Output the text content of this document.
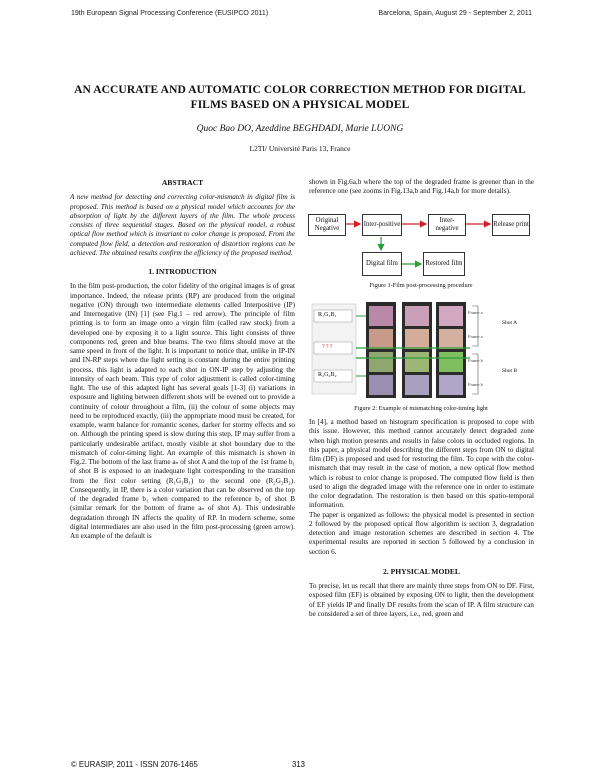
19th European Signal Processing Conference (EUSIPCO 2011)	Barcelona, Spain, August 29 - September 2, 2011
AN ACCURATE AND AUTOMATIC COLOR CORRECTION METHOD FOR DIGITAL FILMS BASED ON A PHYSICAL MODEL
Quoc Bao DO, Azeddine BEGHDADI, Marie LUONG
L2TI/ Université Paris 13, France
ABSTRACT

A new method for detecting and correcting color-mismatch in digital film is proposed. This method is based on a physical model which accounts for the absorption of light by the different layers of the film. The whole process consists of three sequential stages. Based on the physical model, a robust optical flow method which is invariant to color change is proposed. From the computed flow field, a detection and restoration of distortion regions can be achieved. The obtained results confirm the efficiency of the proposed method.

1. INTRODUCTION

In the film post-production, the color fidelity of the original images is of great importance. Indeed, the release prints (RP) are produced from the original negative (ON) through two intermediate elements called Interpositive (IP) and Internegative (IN) [1] (see Fig.1 – red arrow). The principle of film printing is to form an image onto a virgin film (called raw stock) from a developed one by exposing it to a light source. This light consists of three components red, green and blue beams. The two films should move at the same speed in front of the light. It is important to notice that, unlike in IP-IN and IN-RP steps where the light setting is constant during the entire printing process, this light is adapted to each shot in ON-IP step by adjusting the intensity of each beam. This type of color adjustment is called color-timing light. The use of this adapted light has several goals [1-3] (i) variations in exposure and lighting between different shots will be evened out to provide a continuity of colour throughout a film, (ii) the colour of some objects may need to be reproduced exactly, (iii) the appropriate mood must be created, for example, warm balance for romantic scenes, darker for stormy effects and so on. Although the printing speed is slow during this step, IP may suffer from a particularly undesirable artifact, mostly visible at shot boundary due to the mismatch of color-timing light. An example of this mismatch is shown in Fig.2. The bottom of the last frame aₙ of shot A and the top of the 1st frame b₁ of shot B is exposed to an inadequate light corresponding to the transition from the first color setting (R₁G₁B₁) to the second one (R₂G₂B₂). Consequently, in IP, there is a color variation that can be observed on the top of the degraded frame b₁ when compared to the reference b₂ of shot B (similar remark for the bottom of frame aₙ of shot A). This undesirable degradation through IN affects the quality of RP. In modern scheme, some digital intermediates are also used in the film post-processing (green arrow). An example of the default is

shown in Fig.6a,b where the top of the degraded frame is greener than in the reference one (see zooms in Fig.13a,b and Fig.14a,b for more details).

Original Negative
Inter-positive
Inter-negative
Release print
Digital film	Restored film
Figure 1-Film post-processing procedure
Frame a
Frame a
Frame b
Frame b
R₁G₁B₁
? ? ?
R₂G₂B₂
Shot A
Shot B
Figure 2: Example of mismatching color-timing light

In [4], a method based on histogram specification is proposed to cope with this issue. However, this method cannot accurately detect degraded zone when high motion presents and results in false colors in occluded regions. In this paper, a physical model describing the different steps from ON to digital film (DF) is proposed and used for restoring the film. To cope with the color-mismatch that may result in the case of motion, a new optical flow method which is robust to color change is proposed. The computed flow field is then used to align the degraded image with the reference one in order to estimate the color degradation. The restoration is then based on this spatio-temporal information.

The paper is organized as follows: the physical model is presented in section 2 followed by the proposed optical flow algorithm is section 3, degradation detection and image restoration schemes are described in section 4. The experimental results are reported in section 5 followed by a conclusion in section 6.

2. PHYSICAL MODEL

To precise, let us recall that there are mainly three steps from ON to DF. First, exposed film (EF) is obtained by exposing ON to light, then the development of EF yields IP and finally DF results from the scan of IP. A film structure can be considered a set of three layers, i.e., red, green and

© EURASIP, 2011 - ISSN 2076-1465	313
